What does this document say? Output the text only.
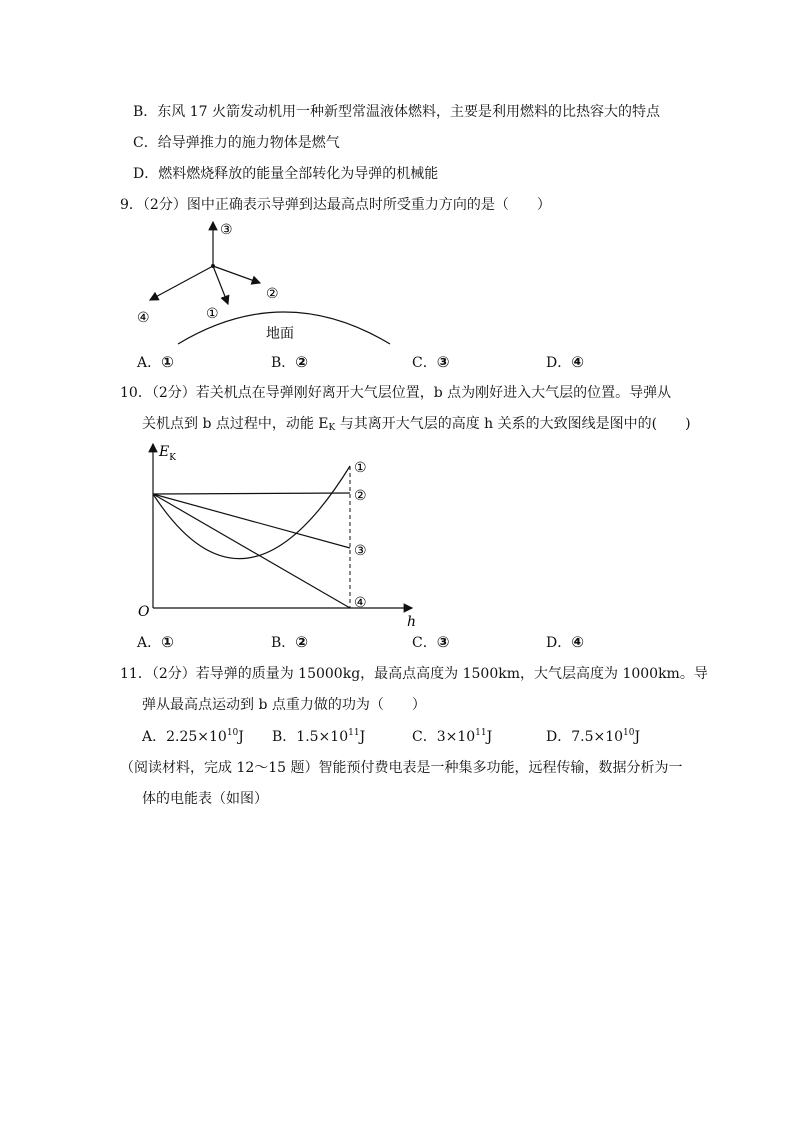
B．东风 17 火箭发动机用一种新型常温液体燃料，主要是利用燃料的比热容大的特点
C．给导弹推力的施力物体是燃气
D．燃料燃烧释放的能量全部转化为导弹的机械能
9．（2分）图中正确表示导弹到达最高点时所受重力方向的是（　　）
③
②
①
④
地面
A．①	B．②	C．③	D．④
10．（2分）若关机点在导弹刚好离开大气层位置，b 点为刚好进入大气层的位置。导弹从
关机点到 b 点过程中，动能 $E_K$ 与其离开大气层的高度 h 关系的大致图线是图中的(　　)
$E_K$
h
O
①
②
③
④
A．①	B．②	C．③	D．④
11．（2分）若导弹的质量为 15000kg，最高点高度为 1500km，大气层高度为 1000km。导
弹从最高点运动到 b 点重力做的功为（　　）
A．$2.25\times 10^{10}J$ B．$1.5\times 10^{11}J$	C．$3\times 10^{11}J$	D．$7.5\times 10^{10}J$
（阅读材料，完成 12～15 题）智能预付费电表是一种集多功能，远程传输，数据分析为一
体的电能表（如图）
